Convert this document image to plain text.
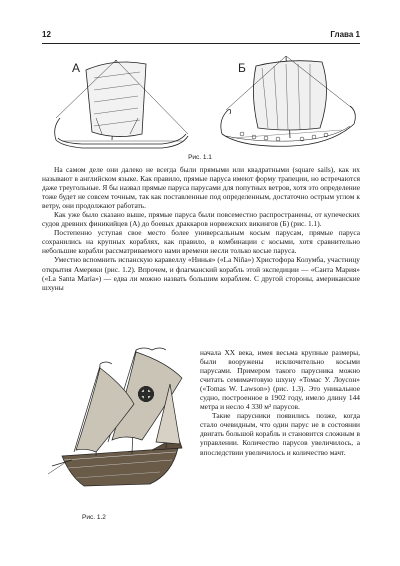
12	Глава 1
А	Б
Рис. 1.1

На самом деле они далеко не всегда были прямыми или квадратными (square sails), как их называют в английском языке. Как правило, прямые паруса имеют форму трапеции, но встречаются даже треугольные. Я бы назвал прямые паруса парусами для попутных ветров, хотя это определение тоже будет не совсем точным, так как поставленные под определенным, достаточно острым углом к ветру, они продолжают работать.

Как уже было сказано выше, прямые паруса были повсеместно распространены, от купеческих судов древних финикийцев (А) до боевых драккаров норвежских викингов (Б) (рис. 1.1).

Постепенно уступая свое место более универсальным косым парусам, прямые паруса сохранились на крупных кораблях, как правило, в комбинации с косыми, хотя сравнительно небольшие корабли рассматриваемого нами времени несли только косые паруса.

Уместно вспомнить испанскую каравеллу «Нинья» («La Niña») Христофора Колумба, участницу открытия Америки (рис. 1.2). Впрочем, и флагманский корабль этой экспедиции — «Санта Мария» («La Santa María») — едва ли можно назвать большим кораблем. С другой стороны, американские шхуны

Рис. 1.2

начала XX века, имея весьма крупные размеры, были вооружены исключительно косыми парусами. Примером такого парусника можно считать семимачтовую шхуну «Томас У. Лоусон» («Tomas W. Lawson») (рис. 1.3). Это уникальное судно, построенное в 1902 году, имело длину 144 метра и несло 4 330 м² парусов.

Такие парусники появились позже, когда стало очевидным, что один парус не в состоянии двигать большой корабль и становится сложным в управлении. Количество парусов увеличилось, а впоследствии увеличилось и количество мачт.
